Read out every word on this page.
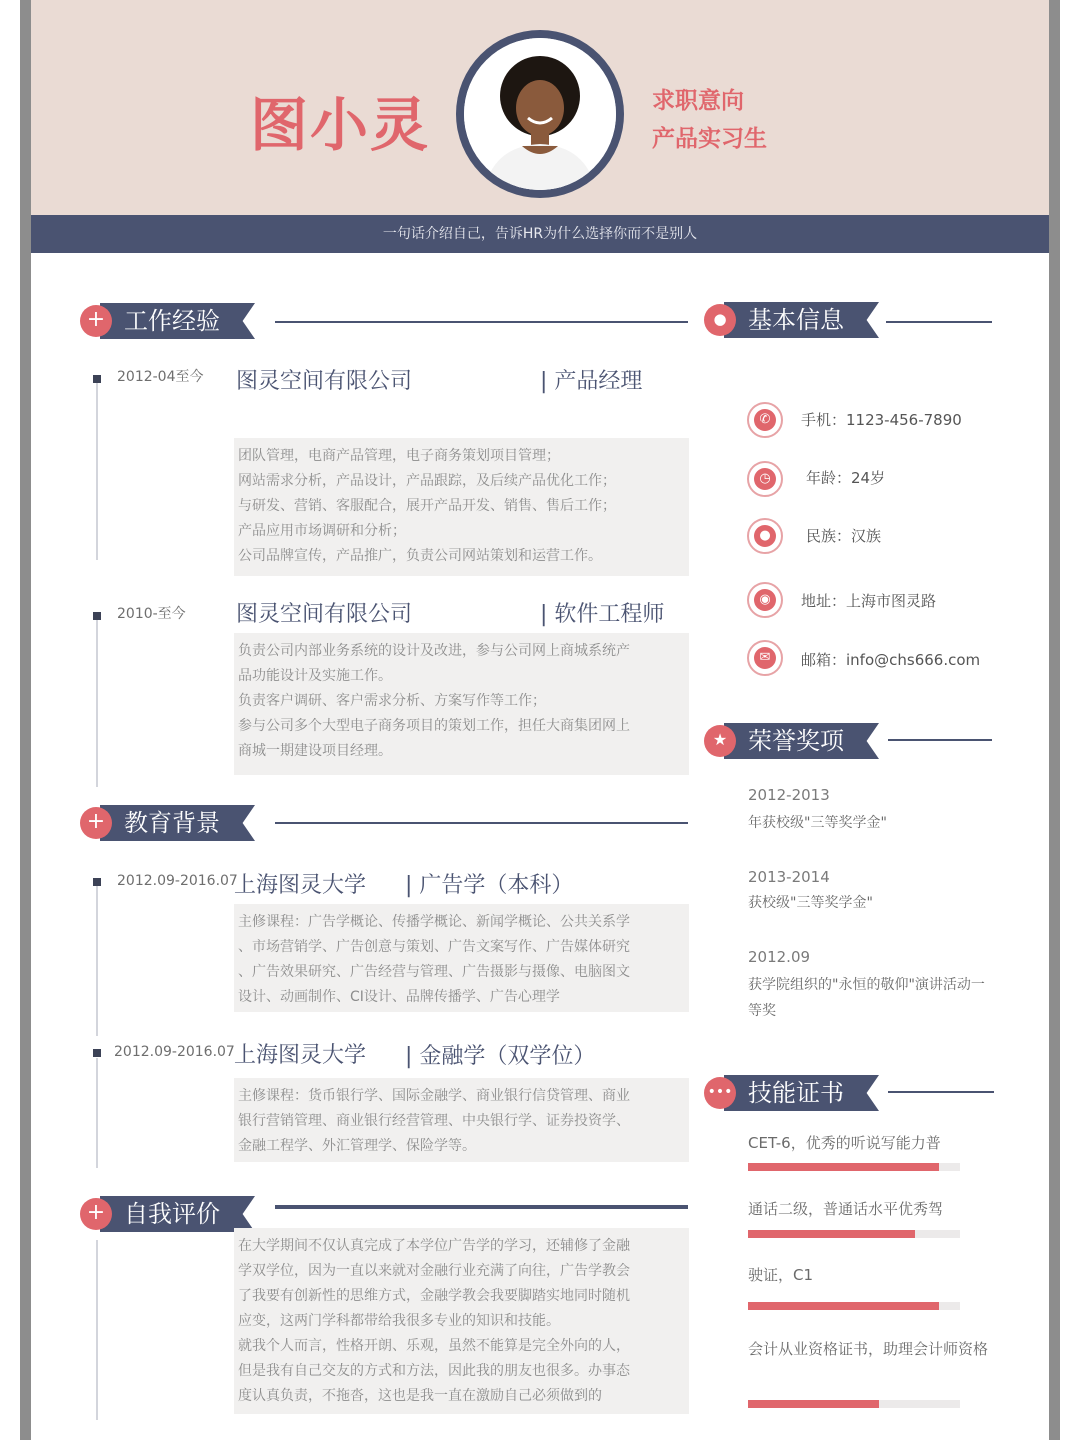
图小灵	求职意向
产品实习生
一句话介绍自己，告诉HR为什么选择你而不是别人
+ 工作经验
2012-04至今 图灵空间有限公司	| 产品经理
团队管理，电商产品管理，电子商务策划项目管理；
网站需求分析，产品设计，产品跟踪，及后续产品优化工作；
与研发、营销、客服配合，展开产品开发、销售、售后工作；
产品应用市场调研和分析；
公司品牌宣传，产品推广，负责公司网站策划和运营工作。
2010-至今 图灵空间有限公司	| 软件工程师
负责公司内部业务系统的设计及改进，参与公司网上商城系统产
品功能设计及实施工作。
负责客户调研、客户需求分析、方案写作等工作；
参与公司多个大型电子商务项目的策划工作，担任大商集团网上
商城一期建设项目经理。
+ 教育背景
2012.09-2016.07
上海图灵大学 | 广告学（本科）
主修课程：广告学概论、传播学概论、新闻学概论、公共关系学
、市场营销学、广告创意与策划、广告文案写作、广告媒体研究
、广告效果研究、广告经营与管理、广告摄影与摄像、电脑图文
设计、动画制作、CI设计、品牌传播学、广告心理学
2012.09-2016.07 上海图灵大学 | 金融学（双学位）
主修课程：货币银行学、国际金融学、商业银行信贷管理、商业
银行营销管理、商业银行经营管理、中央银行学、证券投资学、
金融工程学、外汇管理学、保险学等。
+ 自我评价
在大学期间不仅认真完成了本学位广告学的学习，还辅修了金融
学双学位，因为一直以来就对金融行业充满了向往，广告学教会
了我要有创新性的思维方式，金融学教会我要脚踏实地同时随机
应变，这两门学科都带给我很多专业的知识和技能。
就我个人而言，性格开朗、乐观，虽然不能算是完全外向的人，
但是我有自己交友的方式和方法，因此我的朋友也很多。办事态
度认真负责，不拖沓，这也是我一直在激励自己必须做到的
● 基本信息
✆	手机：1123-456-7890
◷	年龄：24岁
●	民族：汉族
◉	地址：上海市图灵路
✉	邮箱：info@chs666.com
★ 荣誉奖项
2012-2013
年获校级"三等奖学金"
2013-2014
获校级"三等奖学金"
2012.09
获学院组织的"永恒的敬仰"演讲活动一等奖
••• 技能证书
CET-6，优秀的听说写能力普
通话二级，普通话水平优秀驾
驶证，C1
会计从业资格证书，助理会计师资格
